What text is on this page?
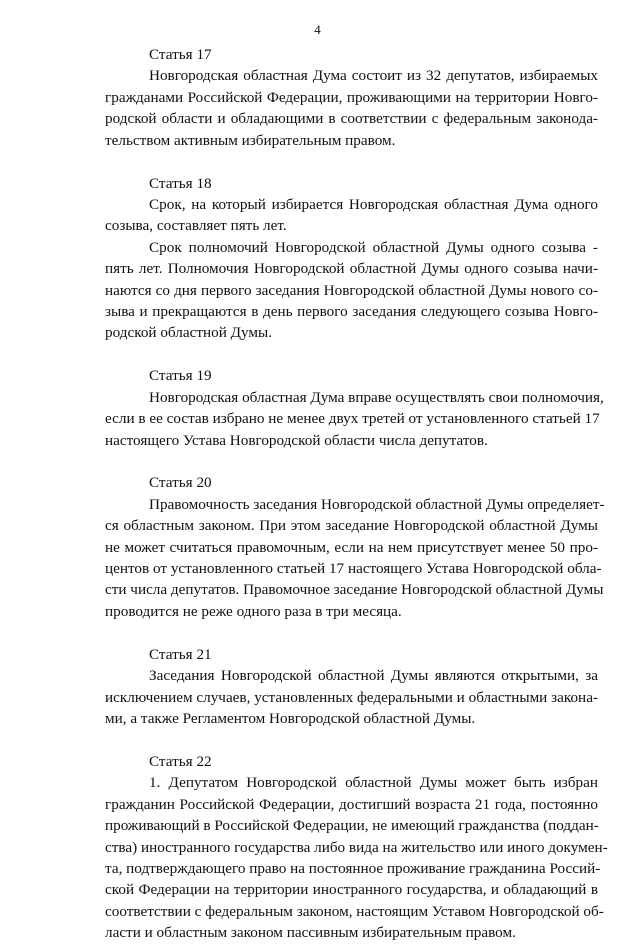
4
Статья 17
Новгородская областная Дума состоит из 32 депутатов, избираемых
гражданами Российской Федерации, проживающими на территории Новго-
родской области и обладающими в соответствии с федеральным законода-
тельством активным избирательным правом.
Статья 18
Срок, на который избирается Новгородская областная Дума одного
созыва, составляет пять лет.
Срок полномочий Новгородской областной Думы одного созыва -
пять лет. Полномочия Новгородской областной Думы одного созыва начи-
наются со дня первого заседания Новгородской областной Думы нового со-
зыва и прекращаются в день первого заседания следующего созыва Новго-
родской областной Думы.
Статья 19
Новгородская областная Дума вправе осуществлять свои полномочия,
если в ее состав избрано не менее двух третей от установленного статьей 17
настоящего Устава Новгородской области числа депутатов.
Статья 20
Правомочность заседания Новгородской областной Думы определяет-
ся областным законом. При этом заседание Новгородской областной Думы
не может считаться правомочным, если на нем присутствует менее 50 про-
центов от установленного статьей 17 настоящего Устава Новгородской обла-
сти числа депутатов. Правомочное заседание Новгородской областной Думы
проводится не реже одного раза в три месяца.
Статья 21
Заседания Новгородской областной Думы являются открытыми, за
исключением случаев, установленных федеральными и областными закона-
ми, а также Регламентом Новгородской областной Думы.
Статья 22
1. Депутатом Новгородской областной Думы может быть избран
гражданин Российской Федерации, достигший возраста 21 года, постоянно
проживающий в Российской Федерации, не имеющий гражданства (поддан-
ства) иностранного государства либо вида на жительство или иного докумен-
та, подтверждающего право на постоянное проживание гражданина Россий-
ской Федерации на территории иностранного государства, и обладающий в
соответствии с федеральным законом, настоящим Уставом Новгородской об-
ласти и областным законом пассивным избирательным правом.
